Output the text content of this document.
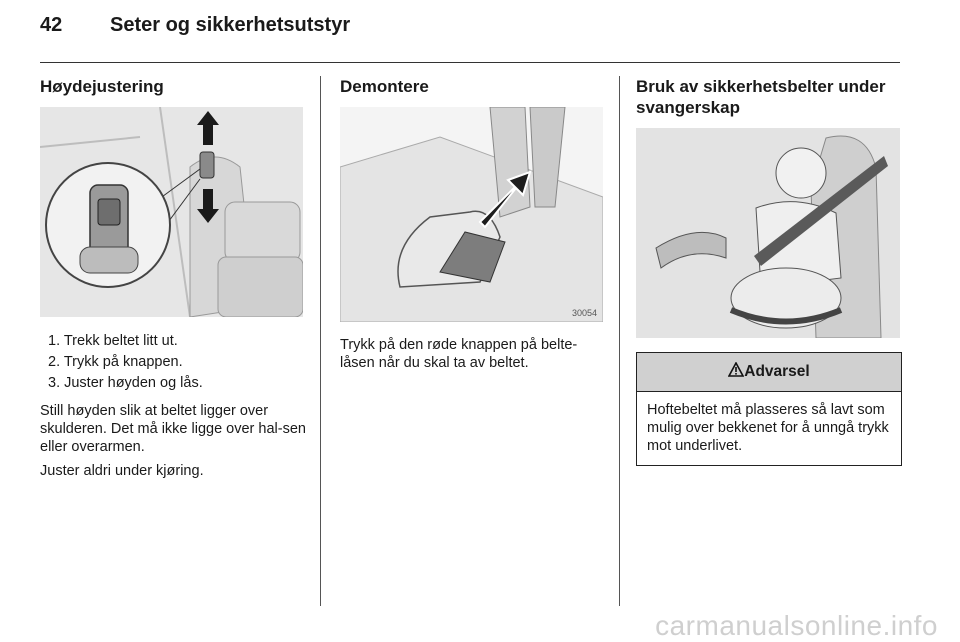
42 Seter og sikkerhetsutstyr
Høydejustering
1. Trekk beltet litt ut.
2. Trykk på knappen.
3. Juster høyden og lås.

Still høyden slik at beltet ligger over skulderen. Det må ikke ligge over hal-sen eller overarmen.

Juster aldri under kjøring.

Demontere
30054

Trykk på den røde knappen på belte-låsen når du skal ta av beltet.

Bruk av sikkerhetsbelter under svangerskap
Advarsel
Hoftebeltet må plasseres så lavt som mulig over bekkenet for å unngå trykk mot underlivet.
carmanualsonline.info
